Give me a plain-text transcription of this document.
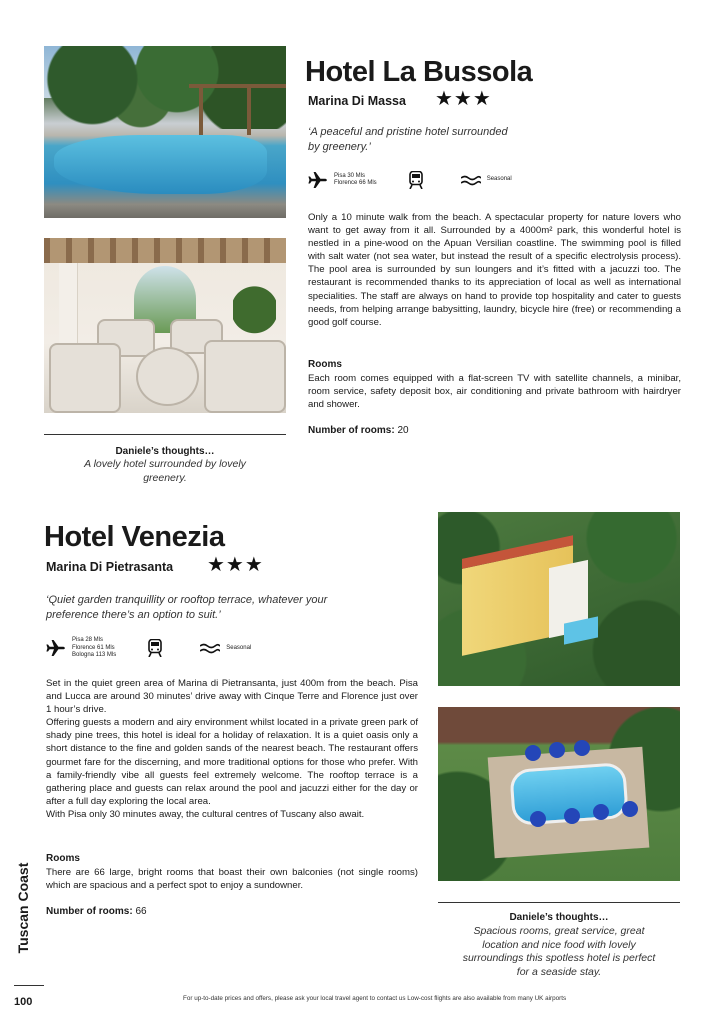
Hotel La Bussola
Marina Di Massa ★★★
‘A peaceful and pristine hotel surrounded by greenery.’
Pisa 30 Mls
Florence 66 Mls
Seasonal
Only a 10 minute walk from the beach. A spectacular property for nature lovers who want to get away from it all. Surrounded by a 4000m² park, this wonderful hotel is nestled in a pine-wood on the Apuan Versilian coastline. The swimming pool is filled with salt water (not sea water, but instead the result of a specific electrolysis process). The pool area is surrounded by sun loungers and it’s fitted with a jacuzzi too. The restaurant is recommended thanks to its appreciation of local as well as international specialities. The staff are always on hand to provide top hospitality and cater to guests needs, from helping arrange babysitting, laundry, bicycle hire (free) or recommending a good golf course.
Rooms
Each room comes equipped with a flat-screen TV with satellite channels, a minibar, room service, safety deposit box, air conditioning and private bathroom with hairdryer and shower.
Number of rooms: 20
Daniele’s thoughts…
A lovely hotel surrounded by lovely greenery.
Hotel Venezia
Marina Di Pietrasanta ★★★
‘Quiet garden tranquillity or rooftop terrace, whatever your preference there’s an option to suit.’
Pisa 28 Mls
Florence 61 Mls
Bologna 113 Mls
Seasonal

Set in the quiet green area of Marina di Pietransanta, just 400m from the beach. Pisa and Lucca are around 30 minutes’ drive away with Cinque Terre and Florence just over 1 hour’s drive.

Offering guests a modern and airy environment whilst located in a private green park of shady pine trees, this hotel is ideal for a holiday of relaxation. It is a quiet oasis only a short distance to the fine and golden sands of the nearest beach. The restaurant offers gourmet fare for the discerning, and more traditional options for those who prefer. With a family-friendly vibe all guests feel extremely welcome. The rooftop terrace is a gathering place and guests can relax around the pool and jacuzzi either for the day or after a full day exploring the local area.

With Pisa only 30 minutes away, the cultural centres of Tuscany also await.

Rooms
There are 66 large, bright rooms that boast their own balconies (not single rooms) which are spacious and a perfect spot to enjoy a sundowner.
Number of rooms: 66
Daniele’s thoughts…
Spacious rooms, great service, great location and nice food with lovely surroundings this spotless hotel is perfect for a seaside stay.
Tuscan Coast
100	For up-to-date prices and offers, please ask your local travel agent to contact us Low-cost flights are also available from many UK airports
